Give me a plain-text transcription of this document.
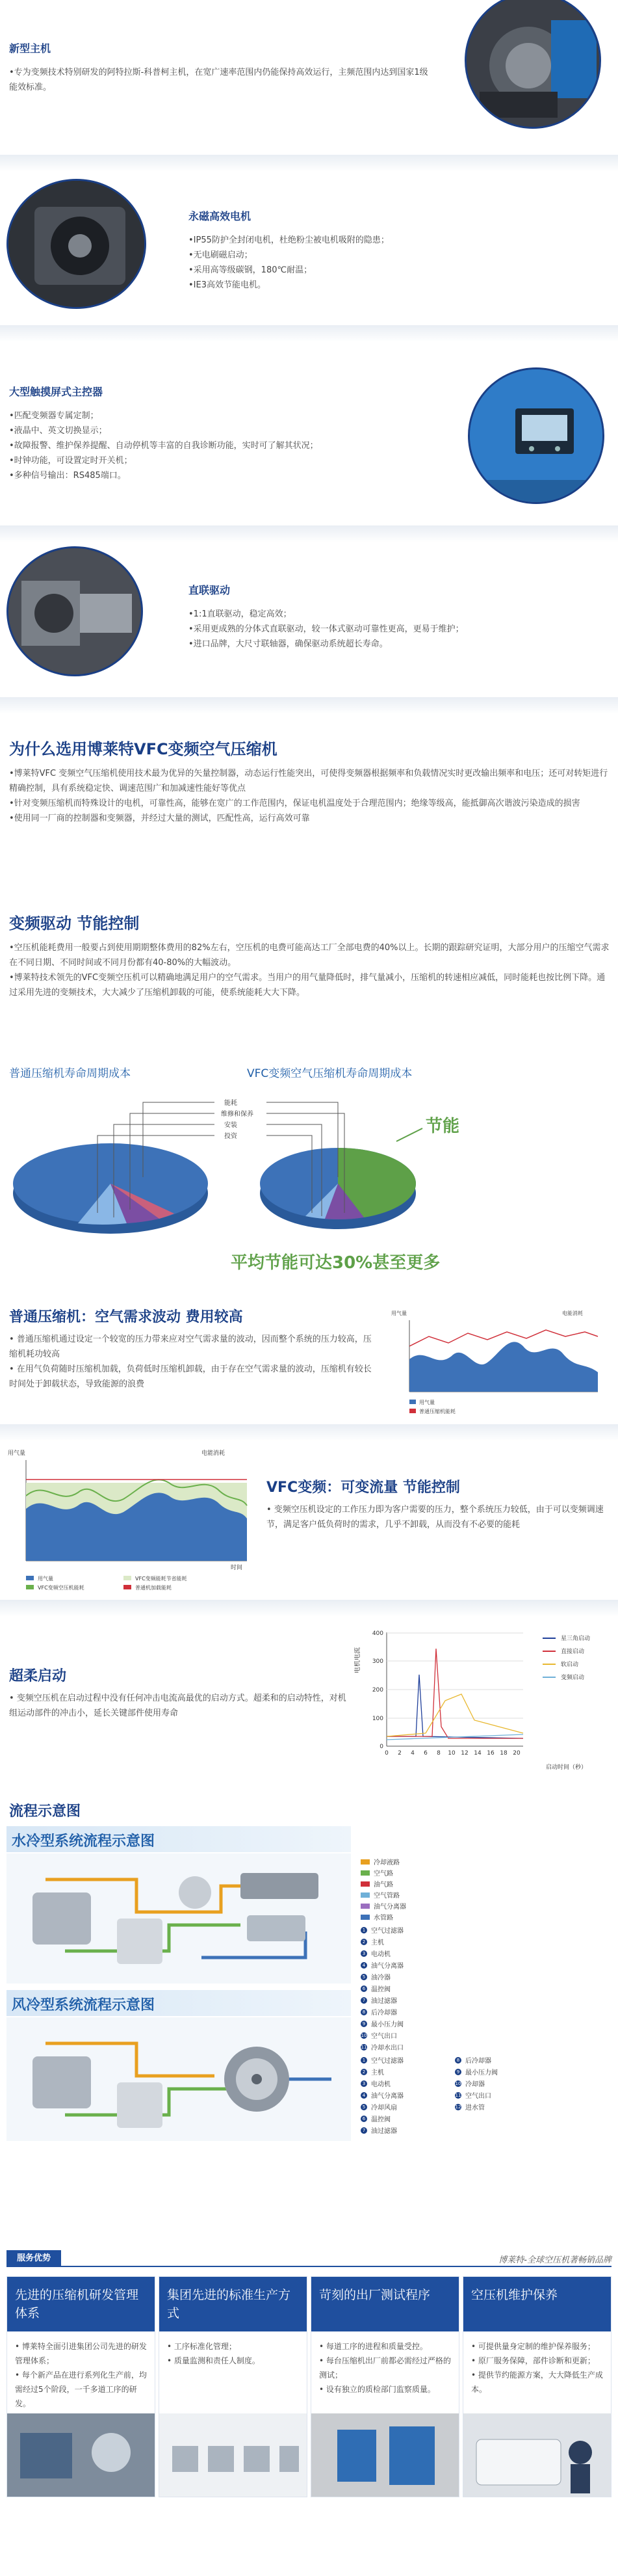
新型主机
•专为变频技术特别研发的阿特拉斯-科普柯主机，在宽广速率范围内仍能保持高效运行，主频范围内达到国家1级能效标准。
永磁高效电机
•IP55防护全封闭电机，杜绝粉尘被电机吸附的隐患；
•无电刷磁启动；
•采用高等级碳钢，180℃耐温；
•IE3高效节能电机。
大型触摸屏式主控器
•匹配变频器专属定制；
•液晶中、英文切换显示；
•故障报警、维护保养提醒、自动停机等丰富的自我诊断功能，实时可了解其状况；
•时钟功能，可设置定时开关机；
•多种信号输出：RS485端口。
直联驱动
•1:1直联驱动，稳定高效；
•采用更成熟的分体式直联驱动，较一体式驱动可靠性更高，更易于维护；
•进口品牌，大尺寸联轴器，确保驱动系统超长寿命。
为什么选用博莱特VFC变频空气压缩机
•博莱特VFC 变频空气压缩机使用技术最为优异的矢量控制器，动态运行性能突出，可使得变频器根据频率和负载情况实时更改输出频率和电压；还可对转矩进行精确控制，具有系统稳定快、调速范围广和加减速性能好等优点
•针对变频压缩机而特殊设计的电机，可靠性高，能够在宽广的工作范围内，保证电机温度处于合理范围内；绝缘等级高，能抵御高次谐波污染造成的损害
•使用同一厂商的控制器和变频器，并经过大量的测试，匹配性高，运行高效可靠
变频驱动 节能控制
•空压机能耗费用一般要占到使用期期整体费用的82%左右，空压机的电费可能高达工厂全部电费的40%以上。长期的跟踪研究证明，大部分用户的压缩空气需求在不同日期、不同时间或不同月份都有40-80%的大幅波动。
•博莱特技术领先的VFC变频空压机可以精确地满足用户的空气需求。当用户的用气量降低时，排气量减小，压缩机的转速相应减低，同时能耗也按比例下降。通过采用先进的变频技术，大大减少了压缩机卸载的可能，使系统能耗大大下降。
普通压缩机寿命周期成本	VFC变频空气压缩机寿命周期成本
能耗
维修和保养
安装
投资
节能
平均节能可达30%甚至更多
普通压缩机：空气需求波动 费用较高
• 普通压缩机通过设定一个较宽的压力带来应对空气需求量的波动，因而整个系统的压力较高，压缩机耗功较高
• 在用气负荷随时压缩机加载，负荷低时压缩机卸载，由于存在空气需求量的波动，压缩机有较长时间处于卸载状态，导致能源的浪费
用气量	电能消耗
用气量
普通压缩机能耗
用气量	电能消耗
时间
用气量	VFC变频能耗节省能耗
VFC变频空压机能耗	普通机加载能耗
VFC变频：可变流量 节能控制
• 变频空压机设定的工作压力即为客户需要的压力，整个系统压力较低，由于可以变频调速节，满足客户低负荷时的需求，几乎不卸载，从而没有不必要的能耗
超柔启动
• 变频空压机在启动过程中没有任何冲击电流高最优的启动方式。超柔和的启动特性，对机组运动部件的冲击小，延长关键部件使用寿命
电机电流
0
100
200
300
400
0 2 4 6 8 10 12 14 16 18 20
启动时间（秒）
星三角启动
直接启动
软启动
变频启动
流程示意图
水冷型系统流程示意图
冷却液路
空气路
油气路
空气管路
油气分离器
水管路
1 空气过滤器
2 主机
3 电动机
4 油气分离器
5 油冷器
6 温控阀
7 油过滤器
8 后冷却器
9 最小压力阀
10 空气出口
11 冷却水出口
风冷型系统流程示意图
1 空气过滤器
2 主机
3 电动机
4 油气分离器
5 冷却风扇
6 温控阀
7 油过滤器
8 后冷却器
9 最小压力阀
10 冷却器
11 空气出口
12 进水管
服务优势	博莱特-全球空压机著畅销品牌
先进的压缩机研发管理体系
• 博莱特全面引进集团公司先进的研发管理体系；
• 每个新产品在进行系列化生产前，均需经过5个阶段，一千多道工序的研发。
集团先进的标准生产方式
• 工序标准化管理；
• 质量监测和责任人制度。
苛刻的出厂测试程序
• 每道工序的进程和质量受控。
• 每台压缩机出厂前都必需经过严格的测试；
• 设有独立的质检部门监察质量。
空压机维护保养
• 可提供量身定制的维护保养服务；
• 原厂服务保障，部件诊断和更新；
• 提供节约能源方案，大大降低生产成本。
